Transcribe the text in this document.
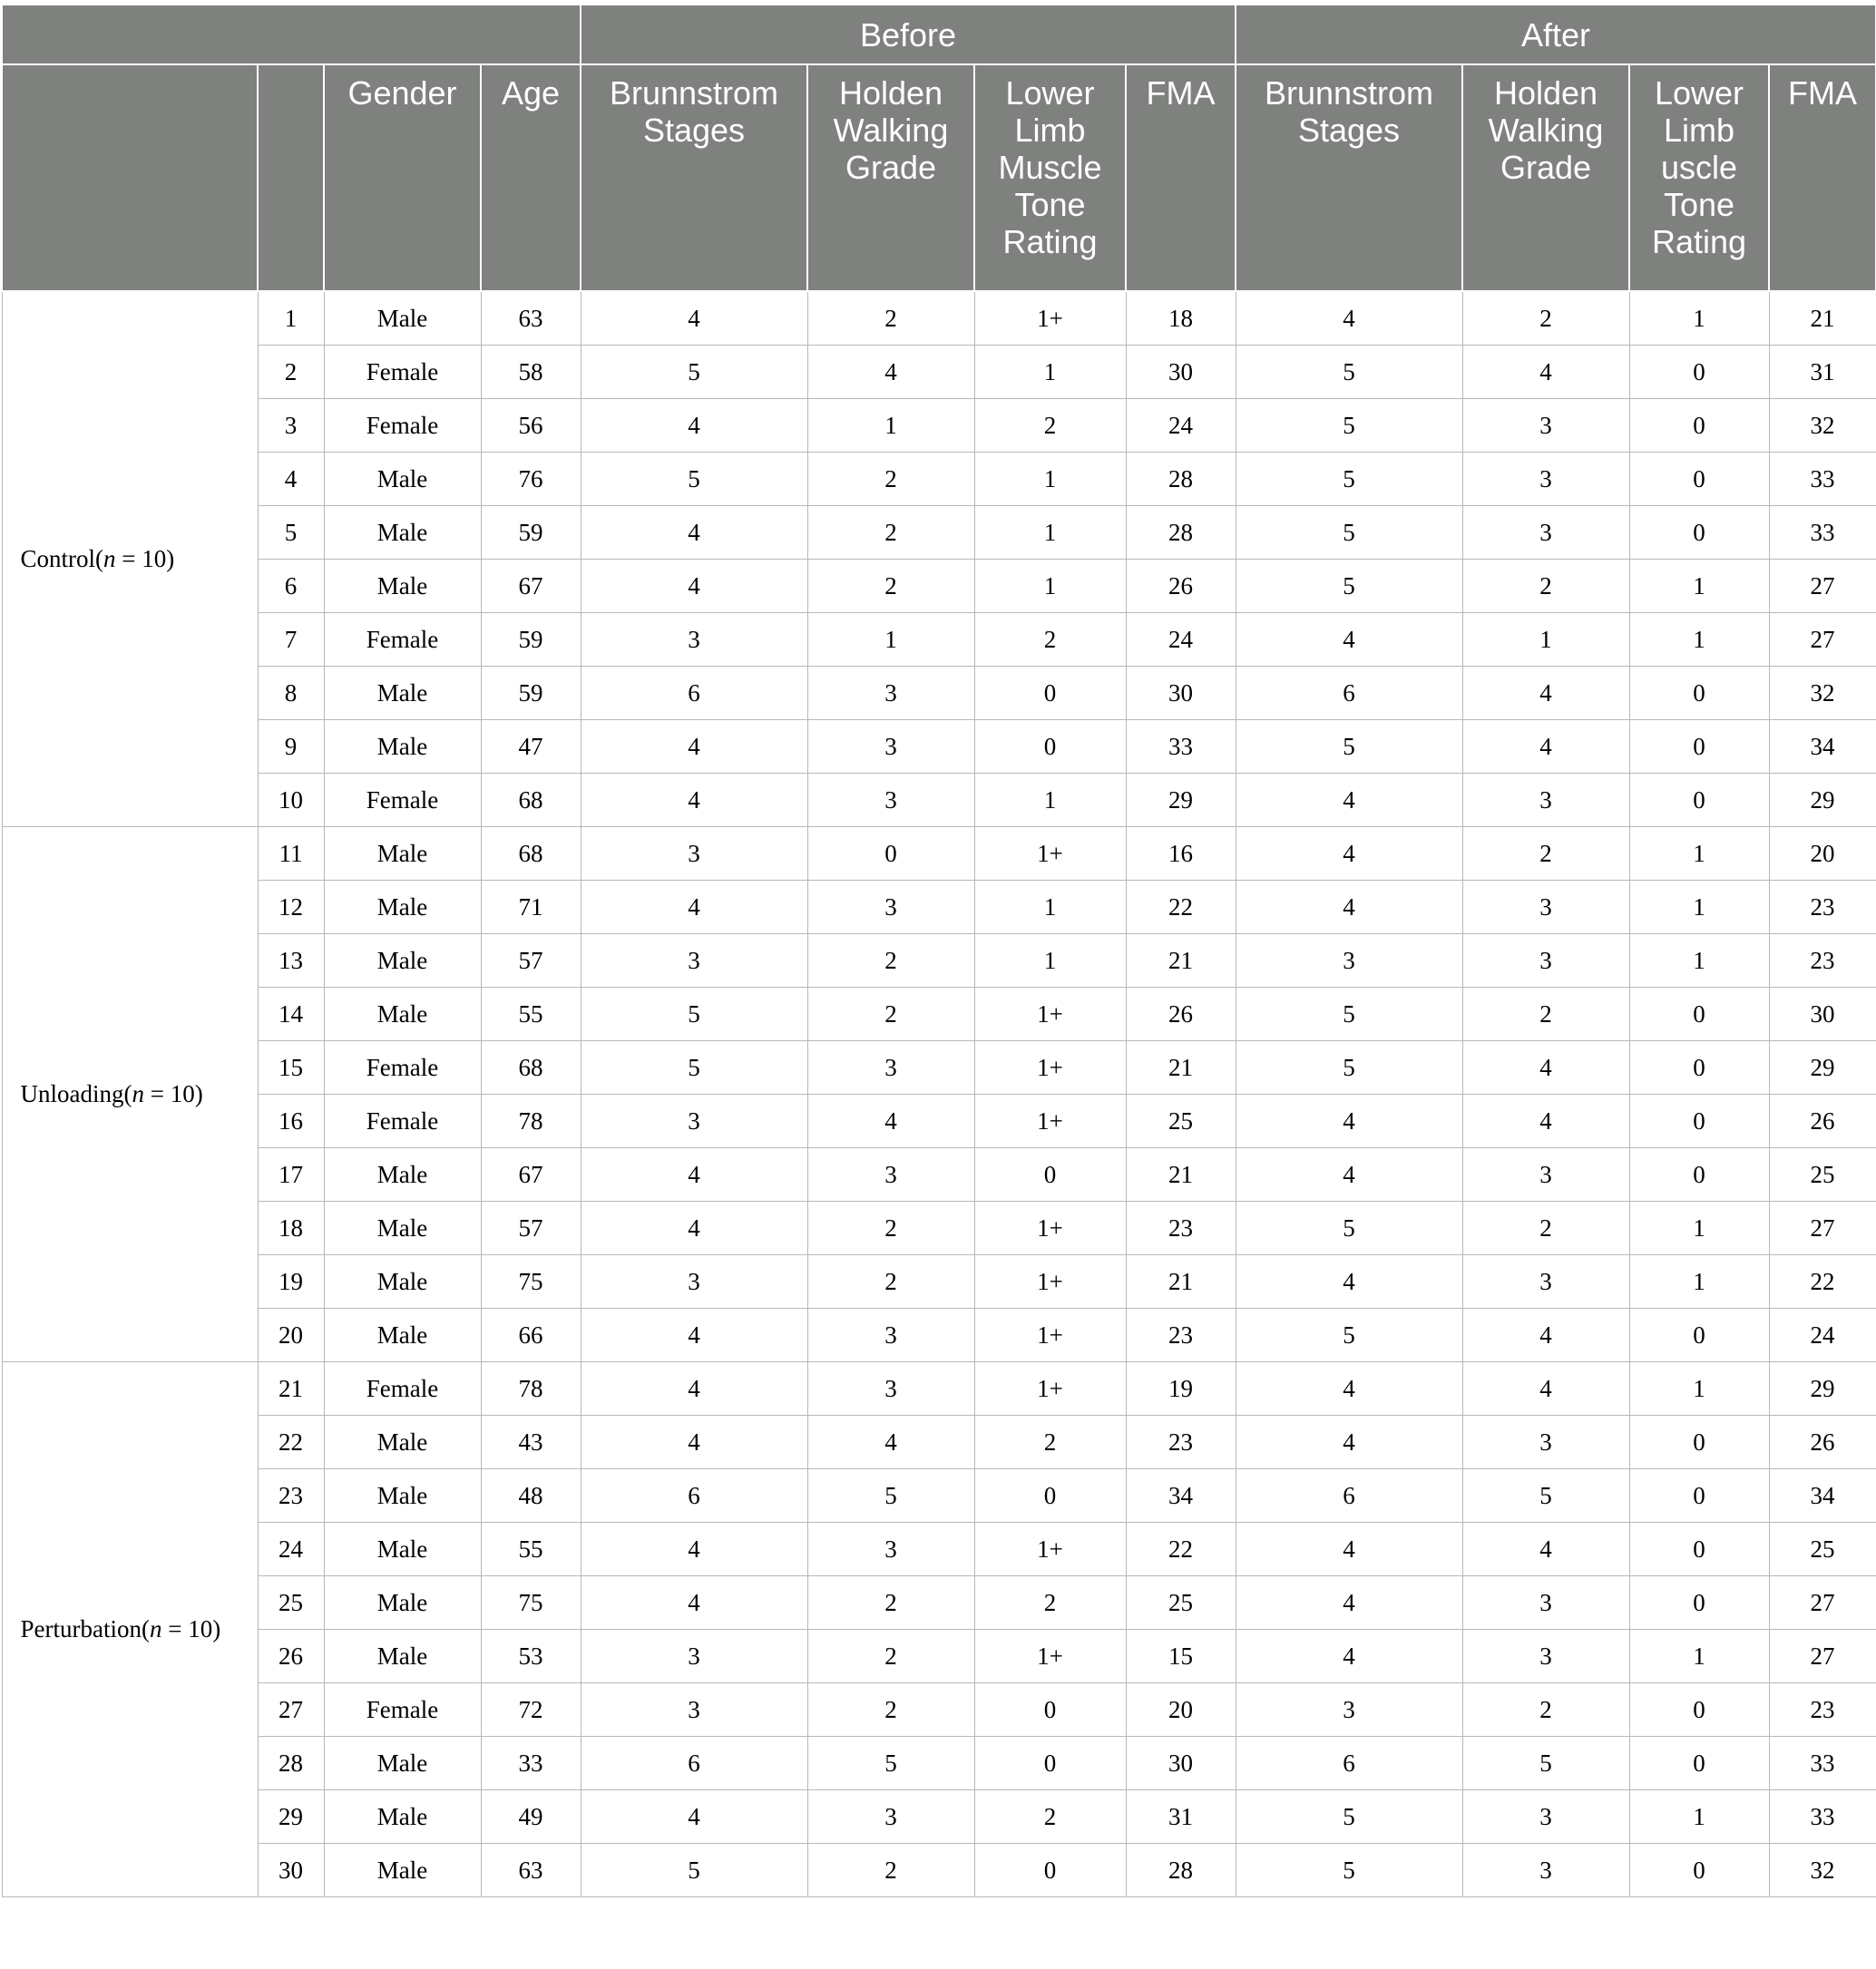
				Before				After			
		Gender	Age	Brunnstrom Stages	Holden Walking Grade	Lower Limb Muscle Tone Rating	FMA	Brunnstrom Stages	Holden Walking Grade	Lower Limb uscle Tone Rating	FMA
Control(n = 10)	1	Male	63	4	2	1+	18	4	2	1	21
	2	Female	58	5	4	1	30	5	4	0	31
	3	Female	56	4	1	2	24	5	3	0	32
	4	Male	76	5	2	1	28	5	3	0	33
	5	Male	59	4	2	1	28	5	3	0	33
	6	Male	67	4	2	1	26	5	2	1	27
	7	Female	59	3	1	2	24	4	1	1	27
	8	Male	59	6	3	0	30	6	4	0	32
	9	Male	47	4	3	0	33	5	4	0	34
	10	Female	68	4	3	1	29	4	3	0	29
Unloading(n = 10)	11	Male	68	3	0	1+	16	4	2	1	20
	12	Male	71	4	3	1	22	4	3	1	23
	13	Male	57	3	2	1	21	3	3	1	23
	14	Male	55	5	2	1+	26	5	2	0	30
	15	Female	68	5	3	1+	21	5	4	0	29
	16	Female	78	3	4	1+	25	4	4	0	26
	17	Male	67	4	3	0	21	4	3	0	25
	18	Male	57	4	2	1+	23	5	2	1	27
	19	Male	75	3	2	1+	21	4	3	1	22
	20	Male	66	4	3	1+	23	5	4	0	24
Perturbation(n = 10)	21	Female	78	4	3	1+	19	4	4	1	29
	22	Male	43	4	4	2	23	4	3	0	26
	23	Male	48	6	5	0	34	6	5	0	34
	24	Male	55	4	3	1+	22	4	4	0	25
	25	Male	75	4	2	2	25	4	3	0	27
	26	Male	53	3	2	1+	15	4	3	1	27
	27	Female	72	3	2	0	20	3	2	0	23
	28	Male	33	6	5	0	30	6	5	0	33
	29	Male	49	4	3	2	31	5	3	1	33
	30	Male	63	5	2	0	28	5	3	0	32
